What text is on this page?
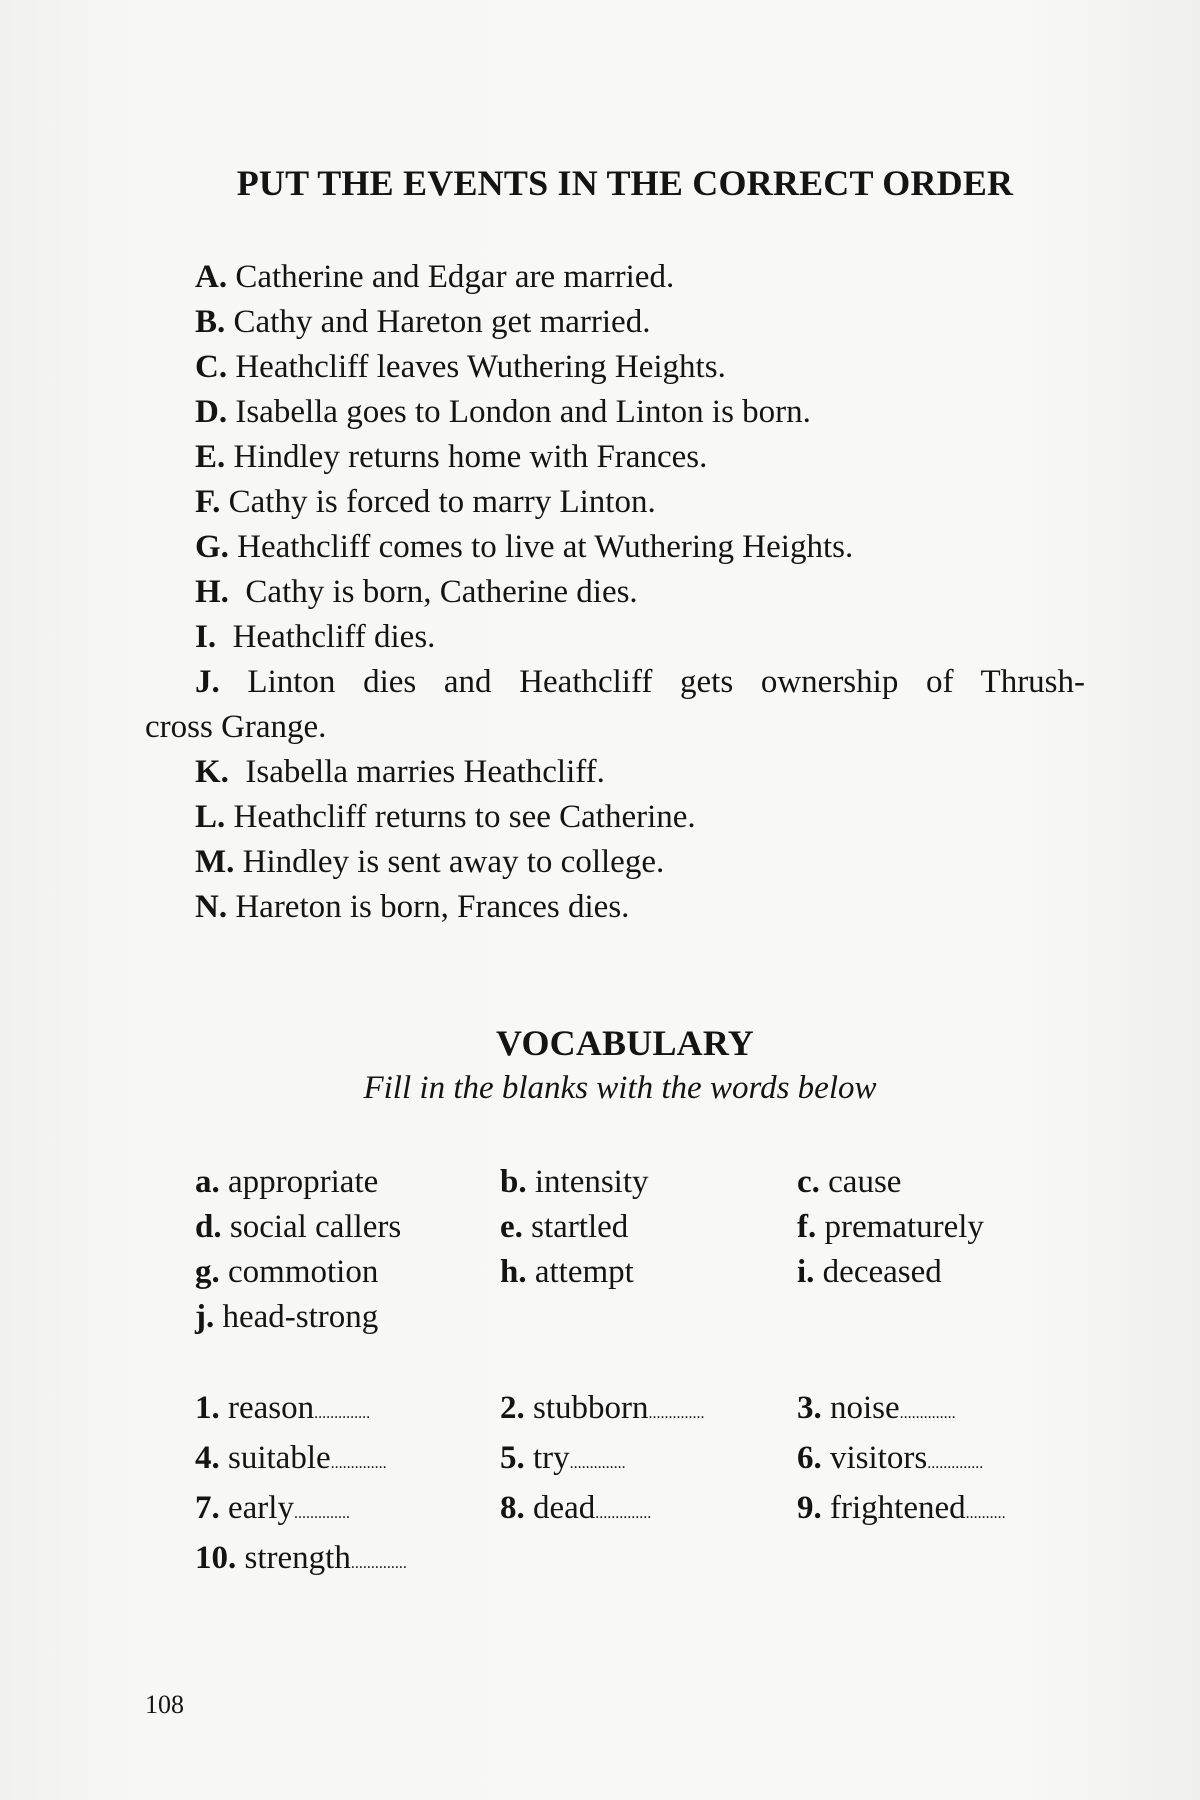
PUT THE EVENTS IN THE CORRECT ORDER
A. Catherine and Edgar are married.
B. Cathy and Hareton get married.
C. Heathcliff leaves Wuthering Heights.
D. Isabella goes to London and Linton is born.
E. Hindley returns home with Frances.
F. Cathy is forced to marry Linton.
G. Heathcliff comes to live at Wuthering Heights.
H. Cathy is born, Catherine dies.
I. Heathcliff dies.
J. Linton dies and Heathcliff gets ownership of Thrush-
cross Grange.
K. Isabella marries Heathcliff.
L. Heathcliff returns to see Catherine.
M. Hindley is sent away to college.
N. Hareton is born, Frances dies.
VOCABULARY
Fill in the blanks with the words below
a. appropriate	b. intensity	c. cause
d. social callers	e. startled	f. prematurely
g. commotion	h. attempt	i. deceased
j. head-strong
1. reason..............	2. stubborn..............	3. noise..............
4. suitable..............	5. try..............	6. visitors..............
7. early..............	8. dead..............	9. frightened..........
10. strength..............
108
